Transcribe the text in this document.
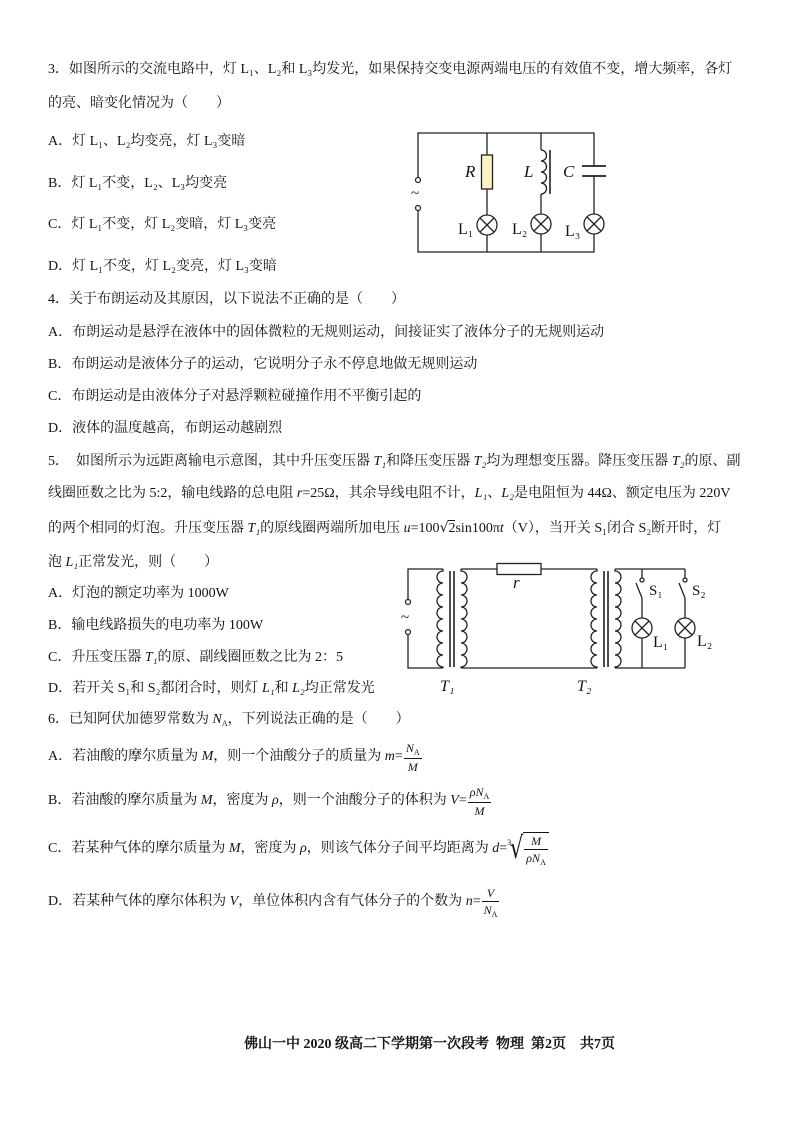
3．如图所示的交流电路中，灯 L₁、L₂和 L₃均发光，如果保持交变电源两端电压的有效值不变，增大频率，各灯
的亮、暗变化情况为（　　）
A．灯 L₁、L₂均变亮，灯 L₃变暗
B．灯 L₁不变，L₂、L₃均变亮
C．灯 L₁不变，灯 L₂变暗，灯 L₃变亮
D．灯 L₁不变，灯 L₂变亮，灯 L₃变暗
~
R	L C
L₁ L₂ L₃
4．关于布朗运动及其原因，以下说法不正确的是（　　）
A．布朗运动是悬浮在液体中的固体微粒的无规则运动，间接证实了液体分子的无规则运动
B．布朗运动是液体分子的运动，它说明分子永不停息地做无规则运动
C．布朗运动是由液体分子对悬浮颗粒碰撞作用不平衡引起的
D．液体的温度越高，布朗运动越剧烈
5．  如图所示为远距离输电示意图，其中升压变压器 T₁ 和降压变压器 T₂ 均为理想变压器。降压变压器 T₂ 的原、副
线圈匝数之比为 5:2，输电线路的总电阻 r =25Ω，其余导线电阻不计， L₁ 、 L₂ 是电阻恒为 44Ω、额定电压为 220V
的两个相同的灯泡。升压变压器 T₁ 的原线圈两端所加电压 u =100 √ 2 sin100π t （V），当开关 S₁闭合 S₂断开时，灯
泡 L₁ 正常发光，则（　　）
A．灯泡的额定功率为 1000W
B．输电线路损失的电功率为 100W
C．升压变压器 T₁ 的原、副线圈匝数之比为 2：5
D．若开关 S₁和 S₂都闭合时，则灯 L₁ 和 L₂ 均正常发光
~
r	S₁ S₂
L₁ L₂
T₁	T₂
6．已知阿伏加德罗常数为 N A ，下列说法正确的是（　　）
A．若油酸的摩尔质量为 M ，则一个油酸分子的质量为 $m = \frac{\text{N A}}{M}$
B．若油酸的摩尔质量为 M ，密度为 ρ ，则一个油酸分子的体积为 $V = \frac{\text{ρ N A}}{M}$
C．若某种气体的摩尔质量为 M ，密度为 ρ ，则该气体分子间平均距离为 d = 3
√ $\frac{M}{\text{ρ N A}}$
D．若某种气体的摩尔体积为 V ，单位体积内含有气体分子的个数为 $n = \frac{V}{\text{N A}}$
佛山一中 2020 级高二下学期第一次段考  物理  第2页    共7页
